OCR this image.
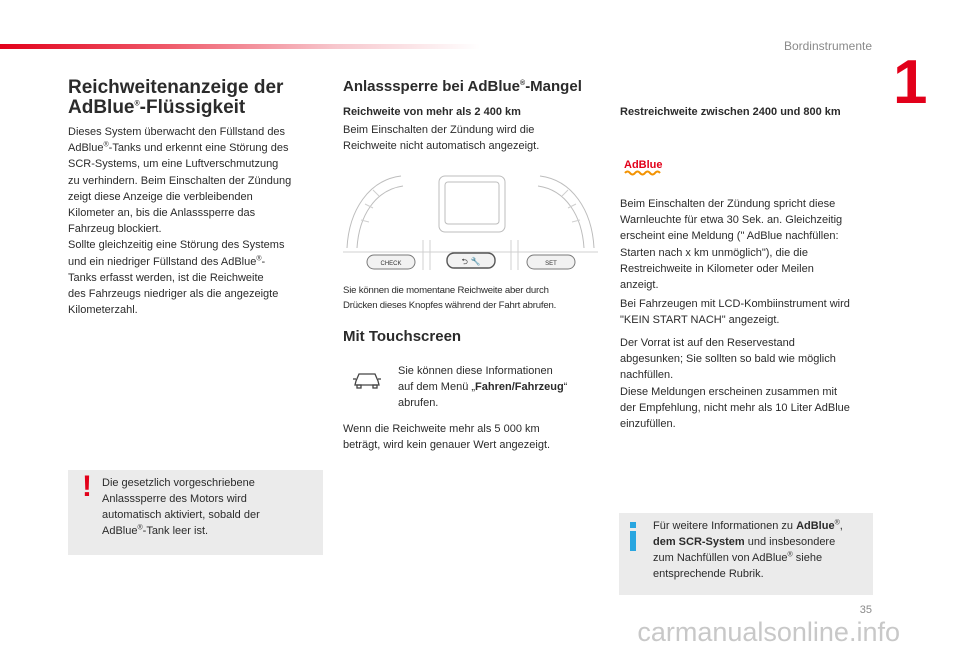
Bordinstrumente
1
Reichweitenanzeige der
AdBlue®-Flüssigkeit

Dieses System überwacht den Füllstand des
AdBlue®-Tanks und erkennt eine Störung des
SCR-Systems, um eine Luftverschmutzung
zu verhindern. Beim Einschalten der Zündung
zeigt diese Anzeige die verbleibenden
Kilometer an, bis die Anlasssperre das
Fahrzeug blockiert.
Sollte gleichzeitig eine Störung des Systems
und ein niedriger Füllstand des AdBlue®-
Tanks erfasst werden, ist die Reichweite
des Fahrzeugs niedriger als die angezeigte
Kilometerzahl.

! Die gesetzlich vorgeschriebene
Anlasssperre des Motors wird
automatisch aktiviert, sobald der
AdBlue®-Tank leer ist.

Anlasssperre bei AdBlue®-Mangel

Reichweite von mehr als 2 400 km

Beim Einschalten der Zündung wird die
Reichweite nicht automatisch angezeigt.

CHECK	⮌ 🔧	SET

Sie können die momentane Reichweite aber durch
Drücken dieses Knopfes während der Fahrt abrufen.

Mit Touchscreen

Sie können diese Informationen
auf dem Menü „Fahren/Fahrzeug“
abrufen.

Wenn die Reichweite mehr als 5 000 km
beträgt, wird kein genauer Wert angezeigt.

Restreichweite zwischen 2400 und 800 km

AdBlue

Beim Einschalten der Zündung spricht diese
Warnleuchte für etwa 30 Sek. an. Gleichzeitig
erscheint eine Meldung (" AdBlue nachfüllen:
Starten nach x km unmöglich"), die die
Restreichweite in Kilometer oder Meilen
anzeigt.

Bei Fahrzeugen mit LCD-Kombiinstrument wird
"KEIN START NACH" angezeigt.

Der Vorrat ist auf den Reservestand
abgesunken; Sie sollten so bald wie möglich
nachfüllen.
Diese Meldungen erscheinen zusammen mit
der Empfehlung, nicht mehr als 10 Liter AdBlue
einzufüllen.

Für weitere Informationen zu AdBlue®,
dem SCR-System und insbesondere
zum Nachfüllen von AdBlue® siehe
entsprechende Rubrik.

35
carmanualsonline.info
